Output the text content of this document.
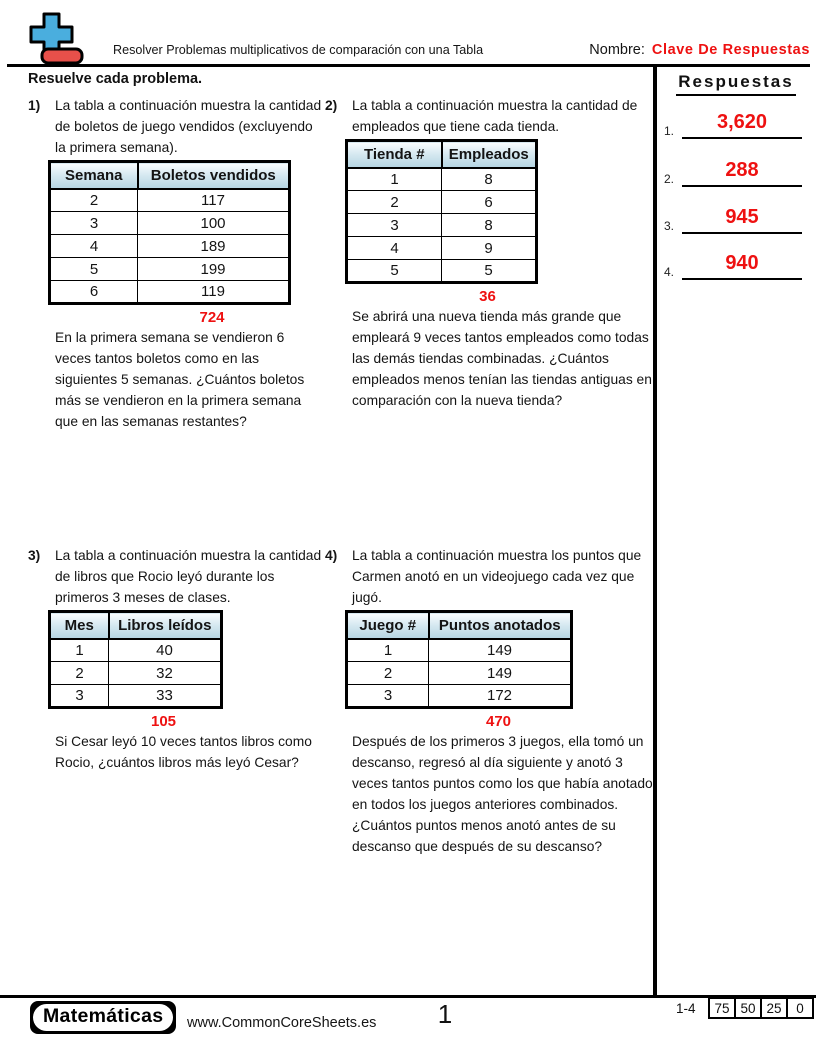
Resolver Problemas multiplicativos de comparación con una Tabla	Nombre: Clave De Respuestas
Resuelve cada problema.	Respuestas
1.	3,620
2.	288
3.	945
4.	940
1)	La tabla a continuación muestra la cantidad de boletos de juego vendidos (excluyendo la primera semana).
Semana	Boletos vendidos
2	117
3	100
4	189
5	199
6	119
724
En la primera semana se vendieron 6 veces tantos boletos como en las siguientes 5 semanas. ¿Cuántos boletos más se vendieron en la primera semana que en las semanas restantes?
2)	La tabla a continuación muestra la cantidad de empleados que tiene cada tienda.
Tienda #	Empleados
1	8
2	6
3	8
4	9
5	5
36
Se abrirá una nueva tienda más grande que empleará 9 veces tantos empleados como todas las demás tiendas combinadas. ¿Cuántos empleados menos tenían las tiendas antiguas en comparación con la nueva tienda?
3)	La tabla a continuación muestra la cantidad de libros que Rocio leyó durante los primeros 3 meses de clases.
Mes	Libros leídos
1	40
2	32
3	33
105
Si Cesar leyó 10 veces tantos libros como Rocio, ¿cuántos libros más leyó Cesar?
4)	La tabla a continuación muestra los puntos que Carmen anotó en un videojuego cada vez que jugó.
Juego #	Puntos anotados
1	149
2	149
3	172
470
Después de los primeros 3 juegos, ella tomó un descanso, regresó al día siguiente y anotó 3 veces tantos puntos como los que había anotado en todos los juegos anteriores combinados. ¿Cuántos puntos menos anotó antes de su descanso que después de su descanso?
Matemáticas	www.CommonCoreSheets.es	1	1-4 75	50	25	0
